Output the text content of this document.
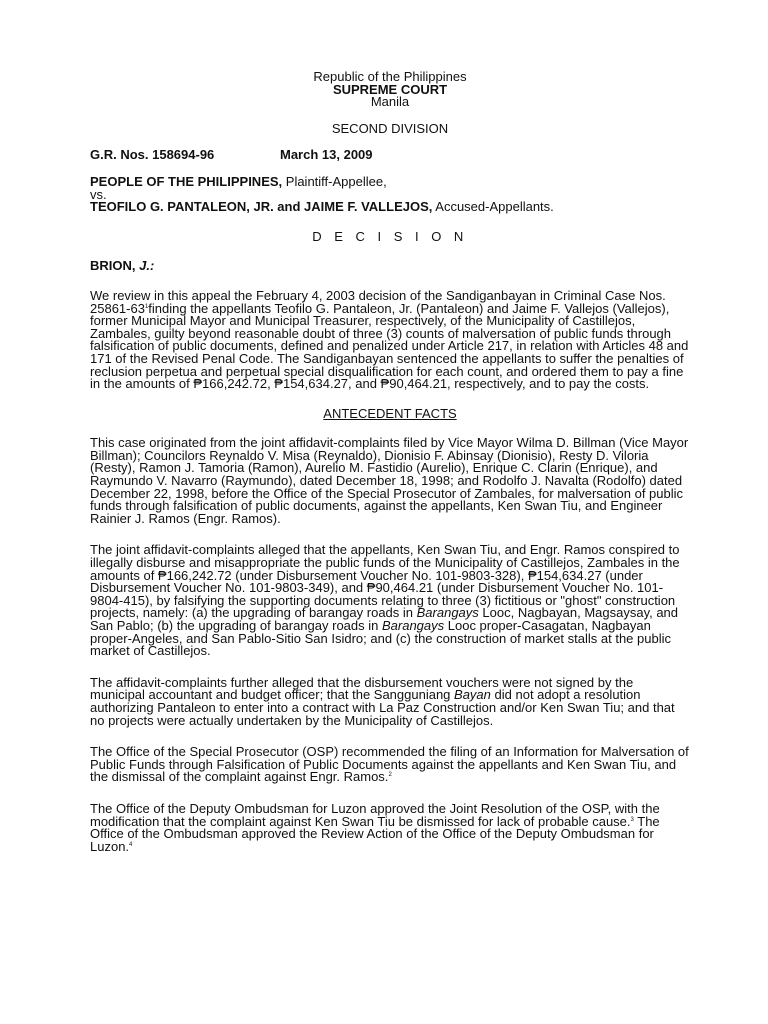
Republic of the Philippines
SUPREME COURT
Manila
SECOND DIVISION
G.R. Nos. 158694-96	March 13, 2009
PEOPLE OF THE PHILIPPINES, Plaintiff-Appellee,
vs.
TEOFILO G. PANTALEON, JR. and JAIME F. VALLEJOS, Accused-Appellants.
D E C I S I O N
BRION, J.:

We review in this appeal the February 4, 2003 decision of the Sandiganbayan in Criminal Case Nos. $25861-63^1finding$ the appellants Teofilo G. Pantaleon, Jr. (Pantaleon) and Jaime F. Vallejos (Vallejos), former Municipal Mayor and Municipal Treasurer, respectively, of the Municipality of Castillejos, Zambales, guilty beyond reasonable doubt of three (3) counts of malversation of public funds through falsification of public documents, defined and penalized under Article 217, in relation with Articles 48 and 171 of the Revised Penal Code. The Sandiganbayan sentenced the appellants to suffer the penalties of reclusion perpetua and perpetual special disqualification for each count, and ordered them to pay a fine in the amounts of ₱166,242.72, ₱154,634.27, and ₱90,464.21, respectively, and to pay the costs.

ANTECEDENT FACTS

This case originated from the joint affidavit-complaints filed by Vice Mayor Wilma D. Billman (Vice Mayor Billman); Councilors Reynaldo V. Misa (Reynaldo), Dionisio F. Abinsay (Dionisio), Resty D. Viloria (Resty), Ramon J. Tamoria (Ramon), Aurelio M. Fastidio (Aurelio), Enrique C. Clarin (Enrique), and Raymundo V. Navarro (Raymundo), dated December 18, 1998; and Rodolfo J. Navalta (Rodolfo) dated December 22, 1998, before the Office of the Special Prosecutor of Zambales, for malversation of public funds through falsification of public documents, against the appellants, Ken Swan Tiu, and Engineer Rainier J. Ramos (Engr. Ramos).

The joint affidavit-complaints alleged that the appellants, Ken Swan Tiu, and Engr. Ramos conspired to illegally disburse and misappropriate the public funds of the Municipality of Castillejos, Zambales in the amounts of ₱166,242.72 (under Disbursement Voucher No. 101-9803-328), ₱154,634.27 (under Disbursement Voucher No. 101-9803-349), and ₱90,464.21 (under Disbursement Voucher No. 101-9804-415), by falsifying the supporting documents relating to three (3) fictitious or "ghost" construction projects, namely: (a) the upgrading of barangay roads in Barangays Looc, Nagbayan, Magsaysay, and San Pablo; (b) the upgrading of barangay roads in Barangays Looc proper-Casagatan, Nagbayan proper-Angeles, and San Pablo-Sitio San Isidro; and (c) the construction of market stalls at the public market of Castillejos.

The affidavit-complaints further alleged that the disbursement vouchers were not signed by the municipal accountant and budget officer; that the Sangguniang Bayan did not adopt a resolution authorizing Pantaleon to enter into a contract with La Paz Construction and/or Ken Swan Tiu; and that no projects were actually undertaken by the Municipality of Castillejos.

The Office of the Special Prosecutor (OSP) recommended the filing of an Information for Malversation of Public Funds through Falsification of Public Documents against the appellants and Ken Swan Tiu, and the dismissal of the complaint against Engr. Ramos.$^2$

The Office of the Deputy Ombudsman for Luzon approved the Joint Resolution of the OSP, with the modification that the complaint against Ken Swan Tiu be dismissed for lack of probable cause.$^3$ The Office of the Ombudsman approved the Review Action of the Office of the Deputy Ombudsman for Luzon.$^4$
